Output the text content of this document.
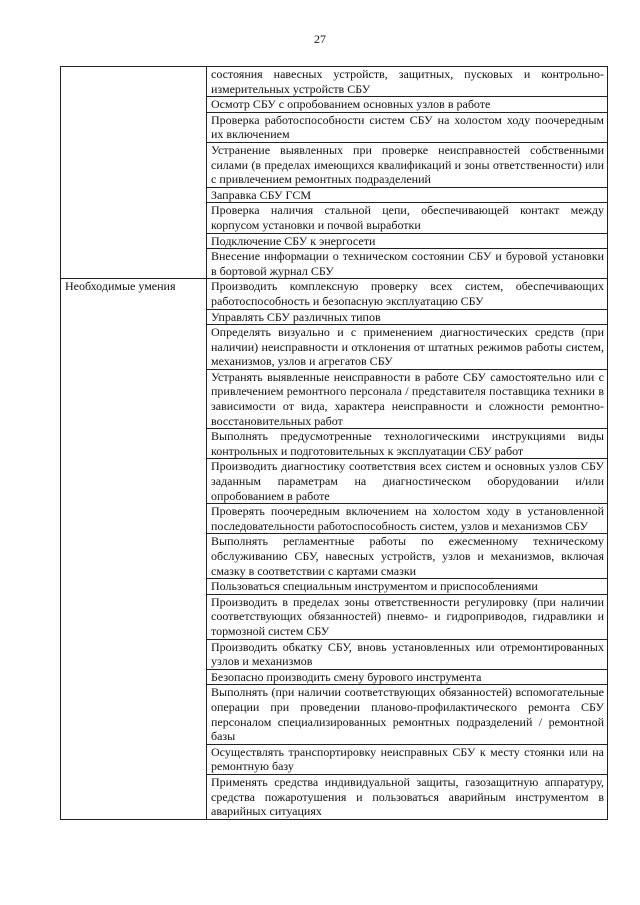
27
	состояния навесных устройств, защитных, пусковых и контрольно-измерительных устройств СБУ
	Осмотр СБУ с опробованием основных узлов в работе
	Проверка работоспособности систем СБУ на холостом ходу поочередным их включением
	Устранение выявленных при проверке неисправностей собственными силами (в пределах имеющихся квалификаций и зоны ответственности) или с привлечением ремонтных подразделений
	Заправка СБУ ГСМ
	Проверка наличия стальной цепи, обеспечивающей контакт между корпусом установки и почвой выработки
	Подключение СБУ к энергосети
	Внесение информации о техническом состоянии СБУ и буровой установки в бортовой журнал СБУ
Необходимые умения	Производить комплексную проверку всех систем, обеспечивающих работоспособность и безопасную эксплуатацию СБУ
	Управлять СБУ различных типов
	Определять визуально и с применением диагностических средств (при наличии) неисправности и отклонения от штатных режимов работы систем, механизмов, узлов и агрегатов СБУ
	Устранять выявленные неисправности в работе СБУ самостоятельно или с привлечением ремонтного персонала / представителя поставщика техники в зависимости от вида, характера неисправности и сложности ремонтно-восстановительных работ
	Выполнять предусмотренные технологическими инструкциями виды контрольных и подготовительных к эксплуатации СБУ работ
	Производить диагностику соответствия всех систем и основных узлов СБУ заданным параметрам на диагностическом оборудовании и/или опробованием в работе
	Проверять поочередным включением на холостом ходу в установленной последовательности работоспособность систем, узлов и механизмов СБУ
	Выполнять регламентные работы по ежесменному техническому обслуживанию СБУ, навесных устройств, узлов и механизмов, включая смазку в соответствии с картами смазки
	Пользоваться специальным инструментом и приспособлениями
	Производить в пределах зоны ответственности регулировку (при наличии соответствующих обязанностей) пневмо- и гидроприводов, гидравлики и тормозной систем СБУ
	Производить обкатку СБУ, вновь установленных или отремонтированных узлов и механизмов
	Безопасно производить смену бурового инструмента
	Выполнять (при наличии соответствующих обязанностей) вспомогательные операции при проведении планово-профилактического ремонта СБУ персоналом специализированных ремонтных подразделений / ремонтной базы
	Осуществлять транспортировку неисправных СБУ к месту стоянки или на ремонтную базу
	Применять средства индивидуальной защиты, газозащитную аппаратуру, средства пожаротушения и пользоваться аварийным инструментом в аварийных ситуациях
